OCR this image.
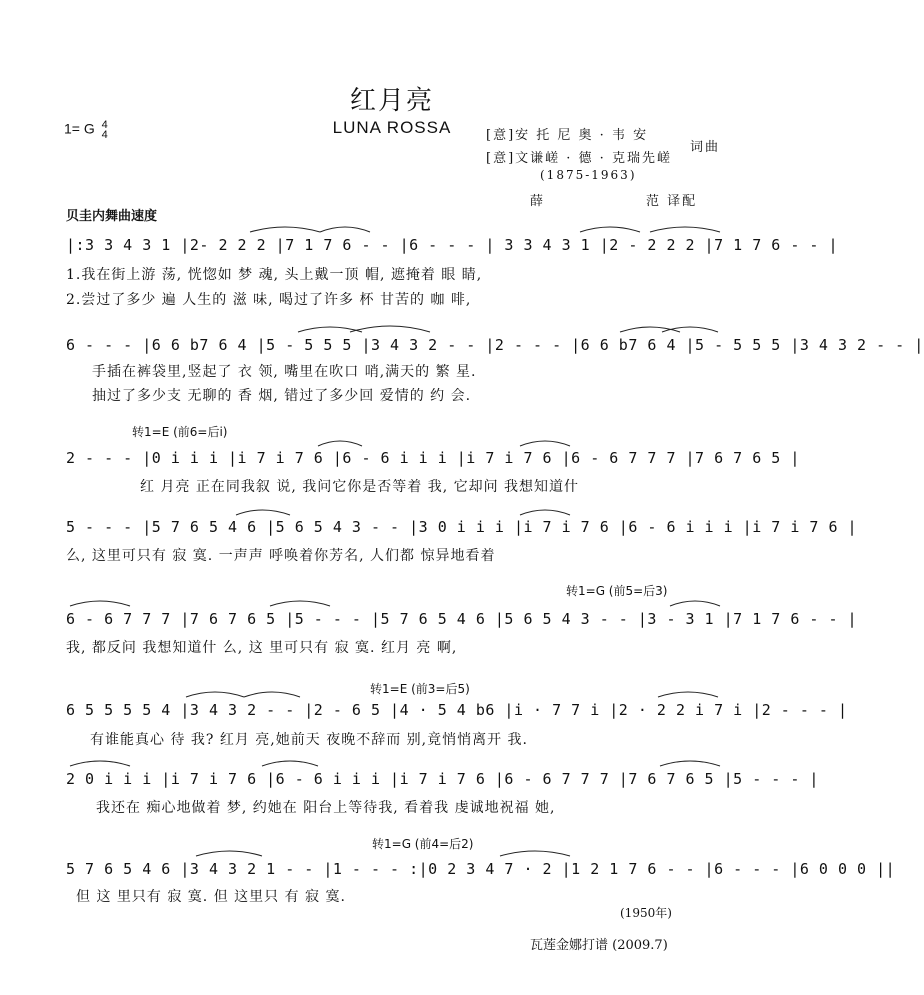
红月亮
LUNA ROSSA
1= G 4
4	[意]安 托 尼 奥 · 韦 安
词曲
[意]文谦嵯 · 德 · 克瑞先嵯
(1875-1963)
薛	范 译配
贝圭内舞曲速度
转1=E (前6=后i)
转1=G (前5=后3)
转1=E (前3=后5)
转1=G (前4=后2)
|:3 3 4 3 1 |2- 2 2 2 |7 1 7 6 - - |6 - - - | 3 3 4 3 1 |2 - 2 2 2 |7 1 7 6 - - |
1.我在街上游 荡, 恍惚如 梦 魂, 头上戴一顶 帽, 遮掩着 眼 睛,
2.尝过了多少 遍 人生的 滋 味, 喝过了许多 杯 甘苦的 咖 啡,
6 - - - |6 6 b7 6 4 |5 - 5 5 5 |3 4 3 2 - - |2 - - - |6 6 b7 6 4 |5 - 5 5 5 |3 4 3 2 - - |
手插在裤袋里,竖起了 衣 领, 嘴里在吹口 哨,满天的 繁 星.
抽过了多少支 无聊的 香 烟, 错过了多少回 爱情的 约 会.
2 - - - |0 i i i |i 7 i 7 6 |6 - 6 i i i |i 7 i 7 6 |6 - 6 7 7 7 |7 6 7 6 5 |
红 月亮 正在同我叙 说, 我问它你是否等着 我, 它却问 我想知道什
5 - - - |5 7 6 5 4 6 |5 6 5 4 3 - - |3 0 i i i |i 7 i 7 6 |6 - 6 i i i |i 7 i 7 6 |
么, 这里可只有 寂 寞. 一声声 呼唤着你芳名, 人们都 惊异地看着
6 - 6 7 7 7 |7 6 7 6 5 |5 - - - |5 7 6 5 4 6 |5 6 5 4 3 - - |3 - 3 1 |7 1 7 6 - - |
我, 都反问 我想知道什 么, 这 里可只有 寂 寞. 红月 亮 啊,
6 5 5 5 5 4 |3 4 3 2 - - |2 - 6 5 |4 · 5 4 b6 |i · 7 7 i |2 · 2 2 i 7 i |2 - - - |
有谁能真心 待 我? 红月 亮,她前天 夜晚不辞而 别,竟悄悄离开 我.
2 0 i i i |i 7 i 7 6 |6 - 6 i i i |i 7 i 7 6 |6 - 6 7 7 7 |7 6 7 6 5 |5 - - - |
我还在 痴心地做着 梦, 约她在 阳台上等待我, 看着我 虔诚地祝福 她,
5 7 6 5 4 6 |3 4 3 2 1 - - |1 - - - :|0 2 3 4 7 · 2 |1 2 1 7 6 - - |6 - - - |6 0 0 0 ||
但 这 里只有 寂 寞. 但 这里只 有 寂 寞.
(1950年)
瓦莲金娜打谱 (2009.7)
